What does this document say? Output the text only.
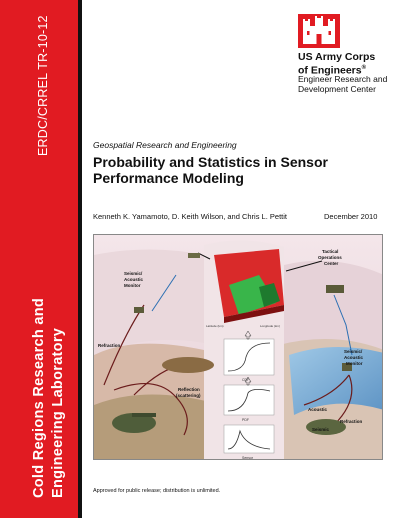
ERDC/CRREL TR-10-12
Cold Regions Research and Engineering Laboratory
US Army Corps
of Engineers®
Engineer Research and
Development Center
Geospatial Research and Engineering
Probability and Statistics in Sensor
Performance Modeling
Kenneth K. Yamamoto, D. Keith Wilson, and Chris L. Pettit	December 2010
Latitude (km)	Longitude (km)
CDF
PDF
Sensor
Seismic/ Acoustic Monitor
Tactical Operations Center
Refraction
Reflection (scattering)
Seismic/ Acoustic Monitor
Acoustic
Seismic
Refraction
Approved for public release; distribution is unlimited.
